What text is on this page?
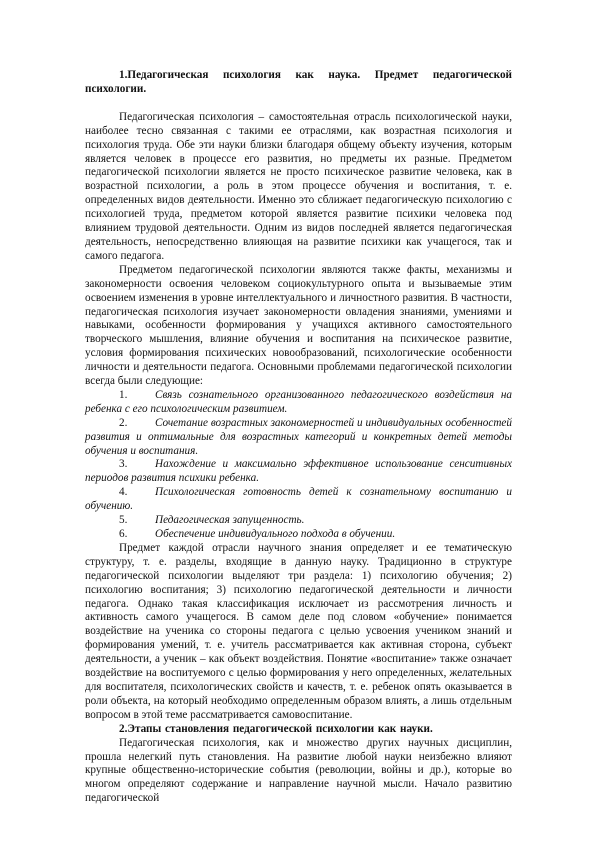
1.Педагогическая психология как наука. Предмет педагогической психологии.

Педагогическая психология – самостоятельная отрасль психологической науки, наиболее тесно связанная с такими ее отраслями, как возрастная психология и психология труда. Обе эти науки близки благодаря общему объекту изучения, которым является человек в процессе его развития, но предметы их разные. Предметом педагогической психологии является не просто психическое развитие человека, как в возрастной психологии, а роль в этом процессе обучения и воспитания, т. е. определенных видов деятельности. Именно это сближает педагогическую психологию с психологией труда, предметом которой является развитие психики человека под влиянием трудовой деятельности. Одним из видов последней является педагогическая деятельность, непосредственно влияющая на развитие психики как учащегося, так и самого педагога.

Предметом педагогической психологии являются также факты, механизмы и закономерности освоения человеком социокультурного опыта и вызываемые этим освоением изменения в уровне интеллектуального и личностного развития. В частности, педагогическая психология изучает закономерности овладения знаниями, умениями и навыками, особенности формирования у учащихся активного самостоятельного творческого мышления, влияние обучения и воспитания на психическое развитие, условия формирования психических новообразований, психологические особенности личности и деятельности педагога. Основными проблемами педагогической психологии всегда были следующие:

1. Связь сознательного организованного педагогического воздействия на ребенка с его психологическим развитием.
2. Сочетание возрастных закономерностей и индивидуальных особенностей развития и оптимальные для возрастных категорий и конкретных детей методы обучения и воспитания.
3. Нахождение и максимально эффективное использование сенситивных периодов развития психики ребенка.
4. Психологическая готовность детей к сознательному воспитанию и обучению.
5. Педагогическая запущенность.
6. Обеспечение индивидуального подхода в обучении.

Предмет каждой отрасли научного знания определяет и ее тематическую структуру, т. е. разделы, входящие в данную науку. Традиционно в структуре педагогической психологии выделяют три раздела: 1) психологию обучения; 2) психологию воспитания; 3) психологию педагогической деятельности и личности педагога. Однако такая классификация исключает из рассмотрения личность и активность самого учащегося. В самом деле под словом «обучение» понимается воздействие на ученика со стороны педагога с целью усвоения учеником знаний и формирования умений, т. е. учитель рассматривается как активная сторона, субъект деятельности, а ученик – как объект воздействия. Понятие «воспитание» также означает воздействие на воспитуемого с целью формирования у него определенных, желательных для воспитателя, психологических свойств и качеств, т. е. ребенок опять оказывается в роли объекта, на который необходимо определенным образом влиять, а лишь отдельным вопросом в этой теме рассматривается самовоспитание.

2.Этапы становления педагогической психологии как науки.

Педагогическая психология, как и множество других научных дисциплин, прошла нелегкий путь становления. На развитие любой науки неизбежно влияют крупные общественно-исторические события (революции, войны и др.), которые во многом определяют содержание и направление научной мысли. Начало развитию педагогической
